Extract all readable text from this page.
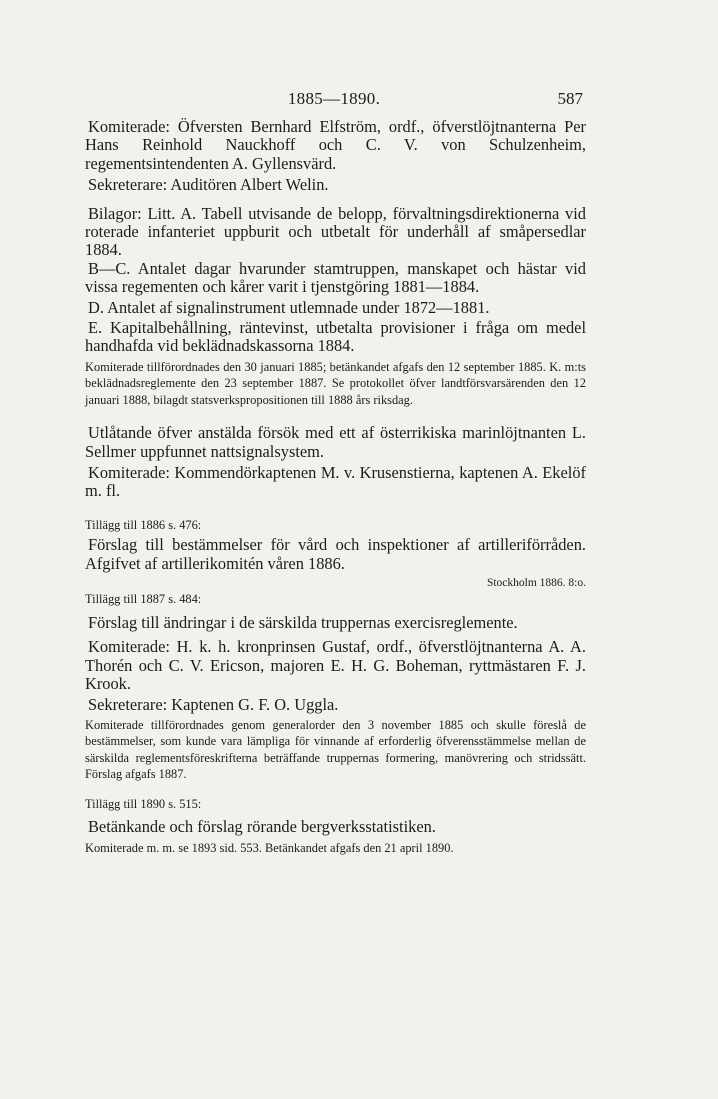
1885—1890.	587

Komiterade: Öfversten Bernhard Elfström, ordf., öfverstlöjtnanterna Per Hans Reinhold Nauckhoff och C. V. von Schulzenheim, regementsintendenten A. Gyllensvärd.

Sekreterare: Auditören Albert Welin.

Bilagor: Litt. A. Tabell utvisande de belopp, förvaltningsdirektionerna vid roterade infanteriet uppburit och utbetalt för underhåll af småpersedlar 1884.

B—C. Antalet dagar hvarunder stamtruppen, manskapet och hästar vid vissa regementen och kårer varit i tjenstgöring 1881—1884.

D. Antalet af signalinstrument utlemnade under 1872—1881.

E. Kapitalbehållning, räntevinst, utbetalta provisioner i fråga om medel handhafda vid beklädnadskassorna 1884.

Komiterade tillförordnades den 30 januari 1885; betänkandet afgafs den 12 september 1885. K. m:ts beklädnadsreglemente den 23 september 1887. Se protokollet öfver landtförsvarsärenden den 12 januari 1888, bilagdt statsverkspropositionen till 1888 års riksdag.

Utlåtande öfver anstälda försök med ett af österrikiska marinlöjtnanten L. Sellmer uppfunnet nattsignalsystem.

Komiterade: Kommendörkaptenen M. v. Krusenstierna, kaptenen A. Ekelöf m. fl.

Tillägg till 1886 s. 476:

Förslag till bestämmelser för vård och inspektioner af artilleriförråden. Afgifvet af artillerikomitén våren 1886.

Stockholm 1886. 8:o.

Tillägg till 1887 s. 484:

Förslag till ändringar i de särskilda truppernas exercisreglemente.

Komiterade: H. k. h. kronprinsen Gustaf, ordf., öfverstlöjtnanterna A. A. Thorén och C. V. Ericson, majoren E. H. G. Boheman, ryttmästaren F. J. Krook.

Sekreterare: Kaptenen G. F. O. Uggla.

Komiterade tillförordnades genom generalorder den 3 november 1885 och skulle föreslå de bestämmelser, som kunde vara lämpliga för vinnande af erforderlig öfverensstämmelse mellan de särskilda reglementsföreskrifterna beträffande truppernas formering, manövrering och stridssätt. Förslag afgafs 1887.

Tillägg till 1890 s. 515:

Betänkande och förslag rörande bergverksstatistiken.

Komiterade m. m. se 1893 sid. 553. Betänkandet afgafs den 21 april 1890.
